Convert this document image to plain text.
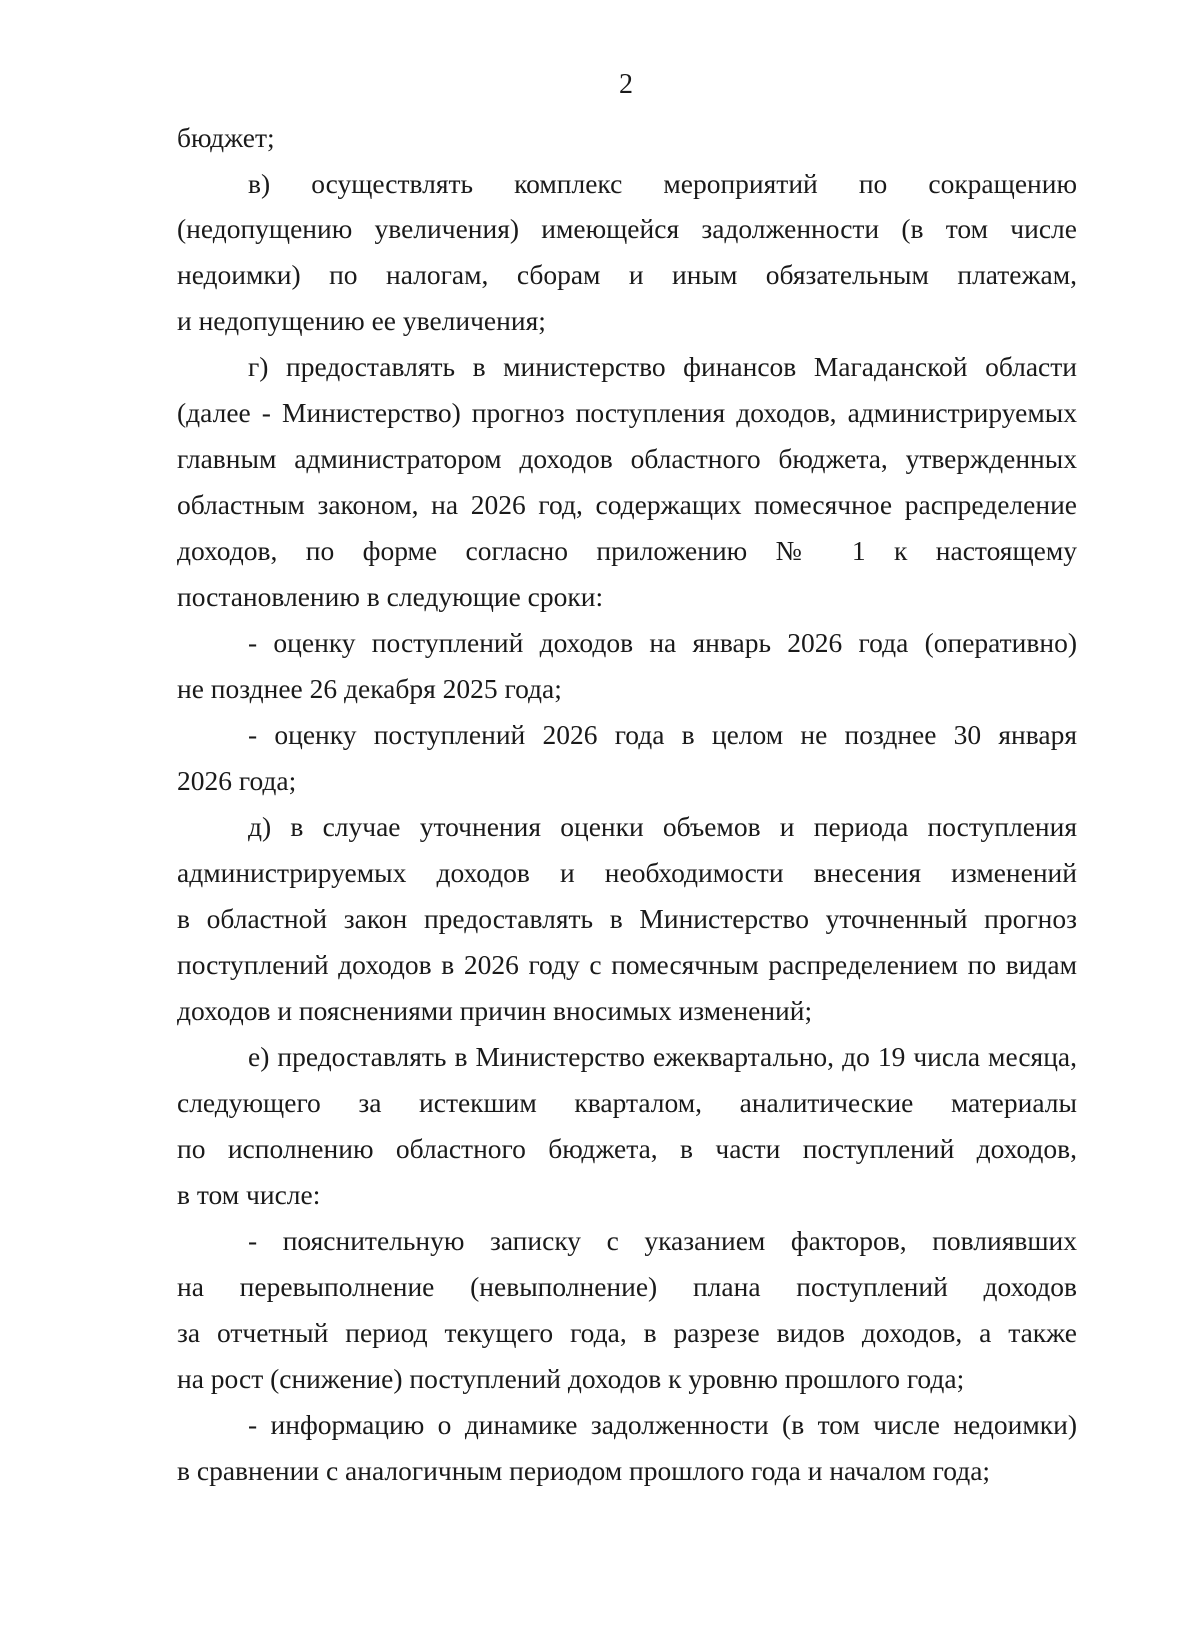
2
бюджет;
в) осуществлять комплекс мероприятий по сокращению
(недопущению увеличения) имеющейся задолженности (в том числе
недоимки) по налогам, сборам и иным обязательным платежам,
и недопущению ее увеличения;
г) предоставлять в министерство финансов Магаданской области
(далее - Министерство) прогноз поступления доходов, администрируемых
главным администратором доходов областного бюджета, утвержденных
областным законом, на 2026 год, содержащих помесячное распределение
доходов, по форме согласно приложению № 1 к настоящему
постановлению в следующие сроки:
- оценку поступлений доходов на январь 2026 года (оперативно)
не позднее 26 декабря 2025 года;
- оценку поступлений 2026 года в целом не позднее 30 января
2026 года;
д) в случае уточнения оценки объемов и периода поступления
администрируемых доходов и необходимости внесения изменений
в областной закон предоставлять в Министерство уточненный прогноз
поступлений доходов в 2026 году с помесячным распределением по видам
доходов и пояснениями причин вносимых изменений;
е) предоставлять в Министерство ежеквартально, до 19 числа месяца,
следующего за истекшим кварталом, аналитические материалы
по исполнению областного бюджета, в части поступлений доходов,
в том числе:
- пояснительную записку с указанием факторов, повлиявших
на перевыполнение (невыполнение) плана поступлений доходов
за отчетный период текущего года, в разрезе видов доходов, а также
на рост (снижение) поступлений доходов к уровню прошлого года;
- информацию о динамике задолженности (в том числе недоимки)
в сравнении с аналогичным периодом прошлого года и началом года;
